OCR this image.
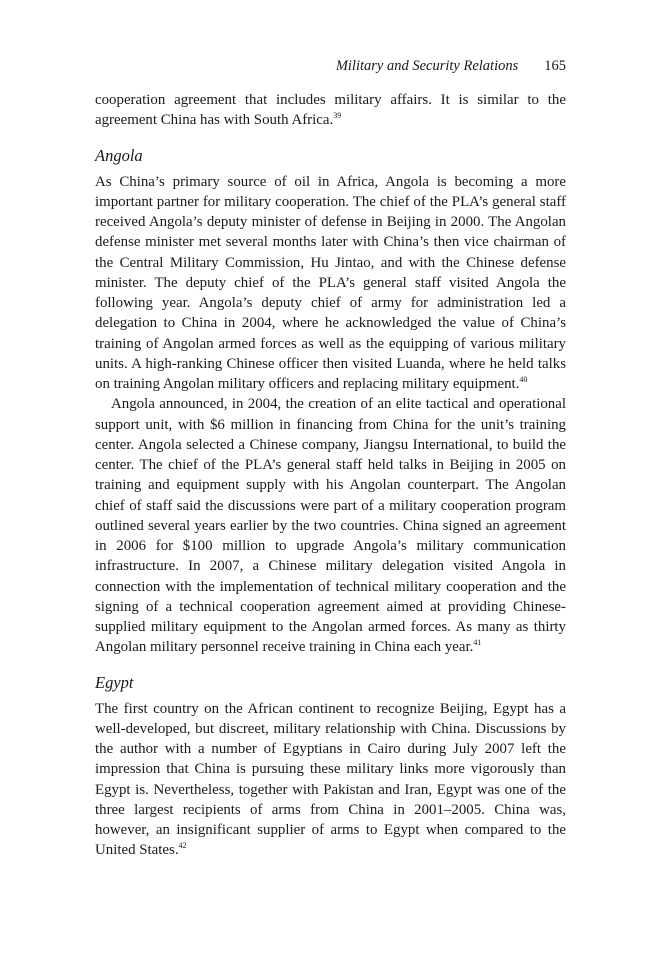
Military and Security Relations 165

cooperation agreement that includes military affairs. It is similar to the agreement China has with South Africa.$^{39}$

Angola

As China’s primary source of oil in Africa, Angola is becoming a more important partner for military cooperation. The chief of the PLA’s general staff received Angola’s deputy minister of defense in Beijing in 2000. The Angolan defense minister met several months later with China’s then vice chairman of the Central Military Commission, Hu Jintao, and with the Chinese defense minister. The deputy chief of the PLA’s general staff visited Angola the following year. Angola’s deputy chief of army for administration led a delegation to China in 2004, where he acknowledged the value of China’s training of Angolan armed forces as well as the equipping of various military units. A high-ranking Chinese officer then visited Luanda, where he held talks on training Angolan military officers and replacing military equipment.$^{40}$

Angola announced, in 2004, the creation of an elite tactical and operational support unit, with $6 million in financing from China for the unit’s training center. Angola selected a Chinese company, Jiangsu International, to build the center. The chief of the PLA’s general staff held talks in Beijing in 2005 on training and equipment supply with his Angolan counterpart. The Angolan chief of staff said the discussions were part of a military cooperation program outlined several years earlier by the two countries. China signed an agreement in 2006 for $100 million to upgrade Angola’s military communication infrastructure. In 2007, a Chinese military delegation visited Angola in connection with the implementation of technical military cooperation and the signing of a technical cooperation agreement aimed at providing Chinese-supplied military equipment to the Angolan armed forces. As many as thirty Angolan military personnel receive training in China each year.$^{41}$

Egypt

The first country on the African continent to recognize Beijing, Egypt has a well-developed, but discreet, military relationship with China. Discussions by the author with a number of Egyptians in Cairo during July 2007 left the impression that China is pursuing these military links more vigorously than Egypt is. Nevertheless, together with Pakistan and Iran, Egypt was one of the three largest recipients of arms from China in 2001–2005. China was, however, an insignificant supplier of arms to Egypt when compared to the United States.$^{42}$
